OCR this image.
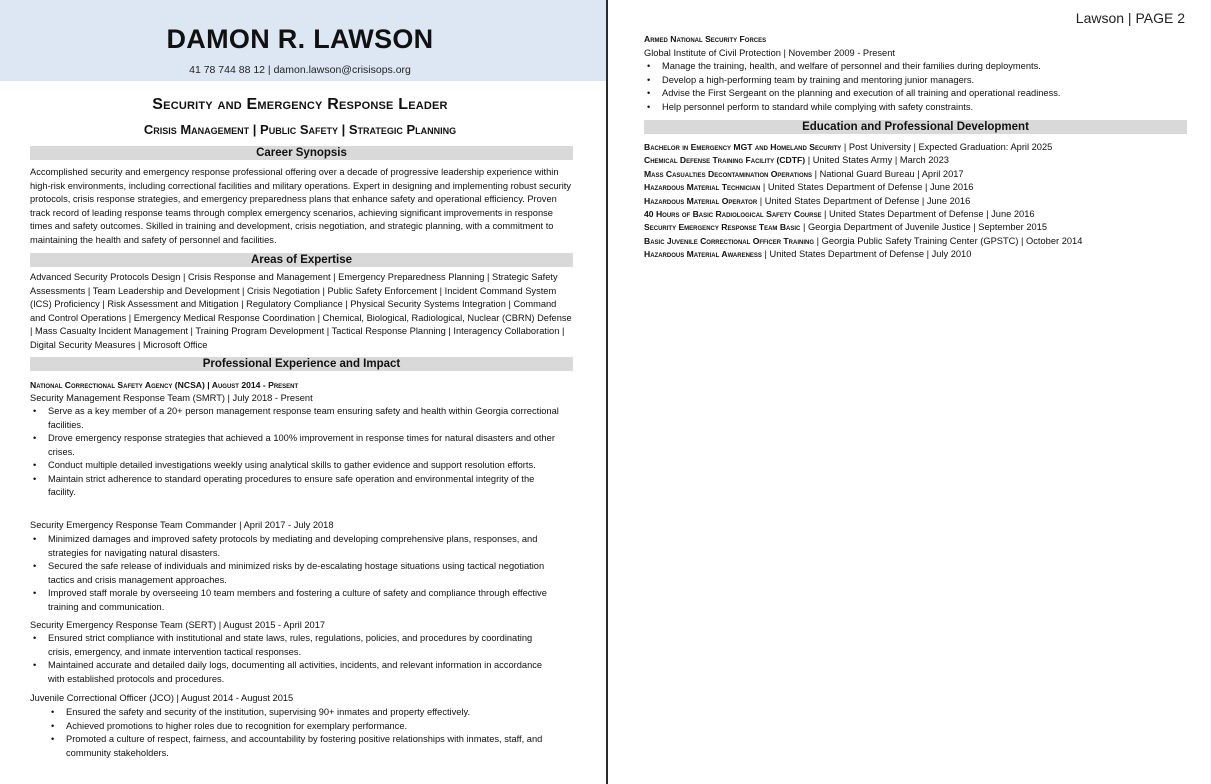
DAMON R. LAWSON
41 78 744 88 12 | damon.lawson@crisisops.org
Security and Emergency Response Leader
Crisis Management | Public Safety | Strategic Planning
Career Synopsis
Accomplished security and emergency response professional offering over a decade of progressive leadership experience within high-risk environments, including correctional facilities and military operations. Expert in designing and implementing robust security protocols, crisis response strategies, and emergency preparedness plans that enhance safety and operational efficiency. Proven track record of leading response teams through complex emergency scenarios, achieving significant improvements in response times and safety outcomes. Skilled in training and development, crisis negotiation, and strategic planning, with a commitment to maintaining the health and safety of personnel and facilities.
Areas of Expertise
Advanced Security Protocols Design | Crisis Response and Management | Emergency Preparedness Planning | Strategic Safety Assessments | Team Leadership and Development | Crisis Negotiation | Public Safety Enforcement | Incident Command System (ICS) Proficiency | Risk Assessment and Mitigation | Regulatory Compliance | Physical Security Systems Integration | Command and Control Operations | Emergency Medical Response Coordination | Chemical, Biological, Radiological, Nuclear (CBRN) Defense | Mass Casualty Incident Management | Training Program Development | Tactical Response Planning | Interagency Collaboration | Digital Security Measures | Microsoft Office
Professional Experience and Impact
National Correctional Safety Agency (NCSA) | August 2014 - Present
Security Management Response Team (SMRT) | July 2018 - Present
• Serve as a key member of a 20+ person management response team ensuring safety and health within Georgia correctional facilities.
• Drove emergency response strategies that achieved a 100% improvement in response times for natural disasters and other crises.
• Conduct multiple detailed investigations weekly using analytical skills to gather evidence and support resolution efforts.
• Maintain strict adherence to standard operating procedures to ensure safe operation and environmental integrity of the facility.
Security Emergency Response Team Commander | April 2017 - July 2018
• Minimized damages and improved safety protocols by mediating and developing comprehensive plans, responses, and strategies for navigating natural disasters.
• Secured the safe release of individuals and minimized risks by de-escalating hostage situations using tactical negotiation tactics and crisis management approaches.
• Improved staff morale by overseeing 10 team members and fostering a culture of safety and compliance through effective training and communication.
Security Emergency Response Team (SERT) | August 2015 - April 2017
• Ensured strict compliance with institutional and state laws, rules, regulations, policies, and procedures by coordinating crisis, emergency, and inmate intervention tactical responses.
• Maintained accurate and detailed daily logs, documenting all activities, incidents, and relevant information in accordance with established protocols and procedures.
Juvenile Correctional Officer (JCO) | August 2014 - August 2015
• Ensured the safety and security of the institution, supervising 90+ inmates and property effectively.
• Achieved promotions to higher roles due to recognition for exemplary performance.
• Promoted a culture of respect, fairness, and accountability by fostering positive relationships with inmates, staff, and community stakeholders.
Lawson | PAGE 2
Armed National Security Forces
Global Institute of Civil Protection | November 2009 - Present
• Manage the training, health, and welfare of personnel and their families during deployments.
• Develop a high-performing team by training and mentoring junior managers.
• Advise the First Sergeant on the planning and execution of all training and operational readiness.
• Help personnel perform to standard while complying with safety constraints.
Education and Professional Development
Bachelor in Emergency MGT and Homeland Security | Post University | Expected Graduation: April 2025
Chemical Defense Training Facility (CDTF) | United States Army | March 2023
Mass Casualties Decontamination Operations | National Guard Bureau | April 2017
Hazardous Material Technician | United States Department of Defense | June 2016
Hazardous Material Operator | United States Department of Defense | June 2016
40 Hours of Basic Radiological Safety Course | United States Department of Defense | June 2016
Security Emergency Response Team Basic | Georgia Department of Juvenile Justice | September 2015
Basic Juvenile Correctional Officer Training | Georgia Public Safety Training Center (GPSTC) | October 2014
Hazardous Material Awareness | United States Department of Defense | July 2010
